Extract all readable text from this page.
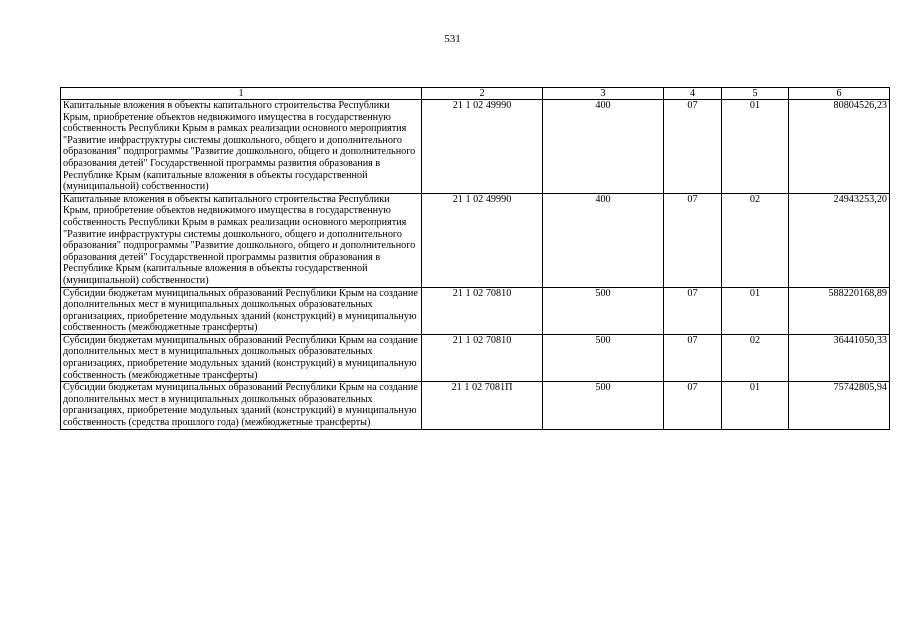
531
1	2	3	4	5	6
Капитальные вложения в объекты капитального строительства Республики Крым, приобретение объектов недвижимого имущества в государственную собственность Республики Крым в рамках реализации основного мероприятия "Развитие инфраструктуры системы дошкольного, общего и дополнительного образования" подпрограммы "Развитие дошкольного, общего и дополнительного образования детей" Государственной программы развития образования в Республике Крым (капитальные вложения в объекты государственной (муниципальной) собственности)	21 1 02 49990	400	07	01	80804526,23
Капитальные вложения в объекты капитального строительства Республики Крым, приобретение объектов недвижимого имущества в государственную собственность Республики Крым в рамках реализации основного мероприятия "Развитие инфраструктуры системы дошкольного, общего и дополнительного образования" подпрограммы "Развитие дошкольного, общего и дополнительного образования детей" Государственной программы развития образования в Республике Крым (капитальные вложения в объекты государственной (муниципальной) собственности)	21 1 02 49990	400	07	02	24943253,20
Субсидии бюджетам муниципальных образований Республики Крым на создание дополнительных мест в муниципальных дошкольных образовательных организациях, приобретение модульных зданий (конструкций) в муниципальную собственность (межбюджетные трансферты)	21 1 02 70810	500	07	01	588220168,89
Субсидии бюджетам муниципальных образований Республики Крым на создание дополнительных мест в муниципальных дошкольных образовательных организациях, приобретение модульных зданий (конструкций) в муниципальную собственность (межбюджетные трансферты)	21 1 02 70810	500	07	02	36441050,33
Субсидии бюджетам муниципальных образований Республики Крым на создание дополнительных мест в муниципальных дошкольных образовательных организациях, приобретение модульных зданий (конструкций) в муниципальную собственность (средства прошлого года) (межбюджетные трансферты)	21 1 02 7081П	500	07	01	75742805,94
